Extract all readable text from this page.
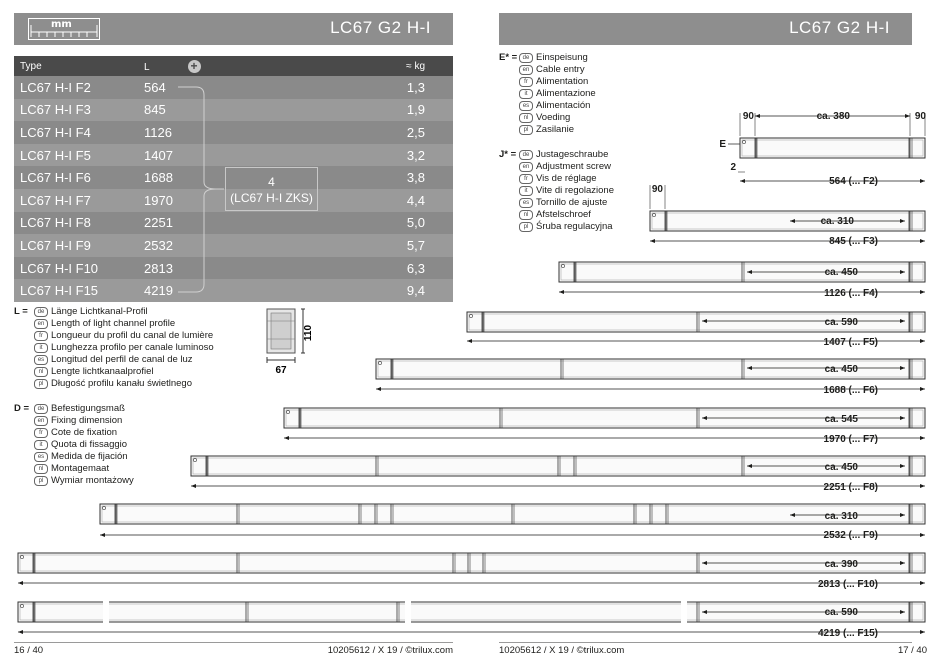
mm	LC67 G2 H-I
Type	L +	≈ kg
LC67 H-I F2	564	1,3
LC67 H-I F3	845	1,9
LC67 H-I F4	1126	2,5
LC67 H-I F5	1407	3,2
LC67 H-I F6	1688	3,8
LC67 H-I F7	1970	4,4
LC67 H-I F8	2251	5,0
LC67 H-I F9	2532	5,7
LC67 H-I F10	2813	6,3
LC67 H-I F15	4219	9,4
4
(LC67 H-I ZKS)
L =	de Länge Lichtkanal-Profil
en Length of light channel profile
fr Longueur du profil du canal de lumière
it Lunghezza profilo per canale luminoso
es Longitud del perfil de canal de luz
nl Lengte lichtkanaalprofiel
pl Długość profilu kanału świetlnego
D =	de Befestigungsmaß
en Fixing dimension
fr Cote de fixation
it Quota di fissaggio
es Medida de fijación
nl Montagemaat
pl Wymiar montażowy
110
67
16 / 40	10205612 / X 19 / ©trilux.com
LC67 G2 H-I
E* = de Einspeisung
en Cable entry
fr Alimentation
it Alimentazione
es Alimentación
nl Voeding
pl Zasilanie
J* =	de Justageschraube
en Adjustment screw
fr Vis de réglage
it Vite di regolazione
es Tornillo de ajuste
nl Afstelschroef
pl Śruba regulacyjna
10205612 / X 19 / ©trilux.com	17 / 40
ca. 380
90	90
E
2
564 (... F2)
90
ca. 310
845 (... F3)
ca. 450
1126 (... F4)
ca. 590
1407 (... F5)
ca. 450
1688 (... F6)
ca. 545
1970 (... F7)
ca. 450
2251 (... F8)
ca. 310
2532 (... F9)
ca. 390
2813 (... F10)
ca. 590
4219 (... F15)
